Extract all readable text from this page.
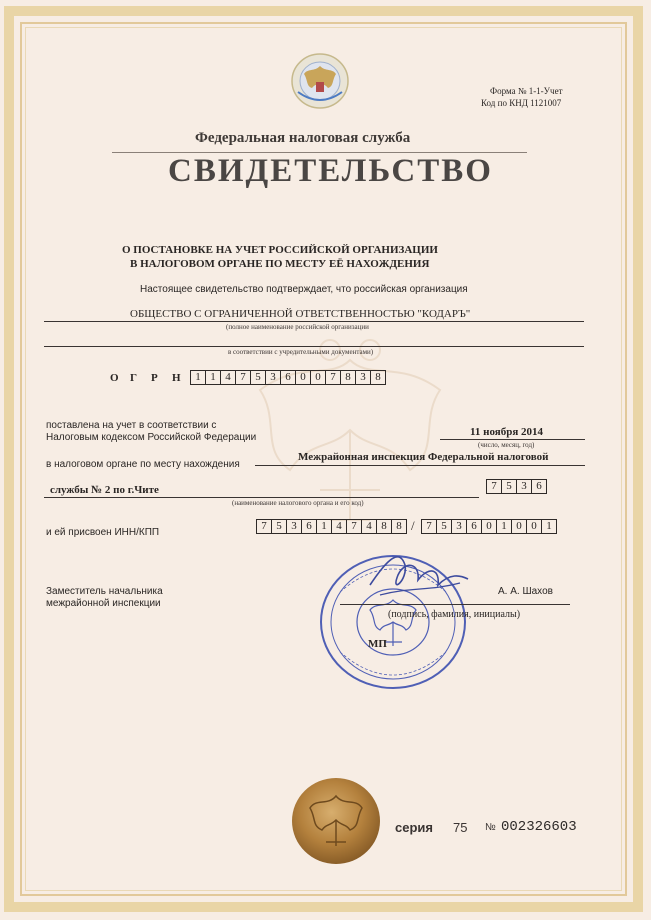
Форма № 1-1-Учет
Код по КНД 1121007
Федеральная налоговая служба
СВИДЕТЕЛЬСТВО
О ПОСТАНОВКЕ НА УЧЕТ РОССИЙСКОЙ ОРГАНИЗАЦИИ
В НАЛОГОВОМ ОРГАНЕ ПО МЕСТУ ЕЁ НАХОЖДЕНИЯ
Настоящее свидетельство подтверждает, что российская организация
ОБЩЕСТВО С ОГРАНИЧЕННОЙ ОТВЕТСТВЕННОСТЬЮ "КОДАРЪ"
(полное наименование российской организации
в соответствии с учредительными документами)
О Г Р Н	1 1 4 7 5 3 6 0 0 7 8 3 8
поставлена на учет в соответствии с
Налоговым кодексом Российской Федерации	11 ноября 2014
(число, месяц, год)
в налоговом органе по месту нахождения
Межрайонная инспекция Федеральной налоговой
службы № 2 по г.Чите
(наименование налогового органа и его код)
7 5 3 6
и ей присвоен ИНН/КПП
7 5 3 6 1 4 7 4 8 8 /	7 5 3 6 0 1 0 0 1
Заместитель начальника
межрайонной инспекции
А. А. Шахов
(подпись, фамилия, инициалы)
МП
серия 75 № 002326603
